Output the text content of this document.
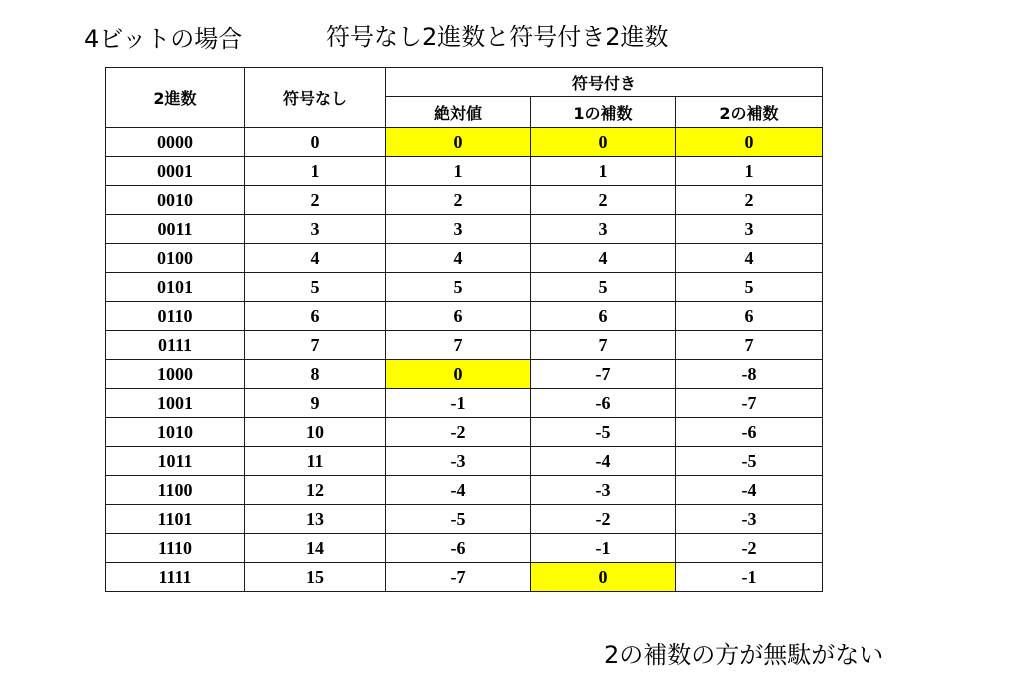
4ビットの場合	符号なし2進数と符号付き2進数
2進数	符号なし	符号付き		
		絶対値	1の補数	2の補数
0000	0	0	0	0
0001	1	1	1	1
0010	2	2	2	2
0011	3	3	3	3
0100	4	4	4	4
0101	5	5	5	5
0110	6	6	6	6
0111	7	7	7	7
1000	8	0	-7	-8
1001	9	-1	-6	-7
1010	10	-2	-5	-6
1011	11	-3	-4	-5
1100	12	-4	-3	-4
1101	13	-5	-2	-3
1110	14	-6	-1	-2
1111	15	-7	0	-1
2の補数の方が無駄がない
